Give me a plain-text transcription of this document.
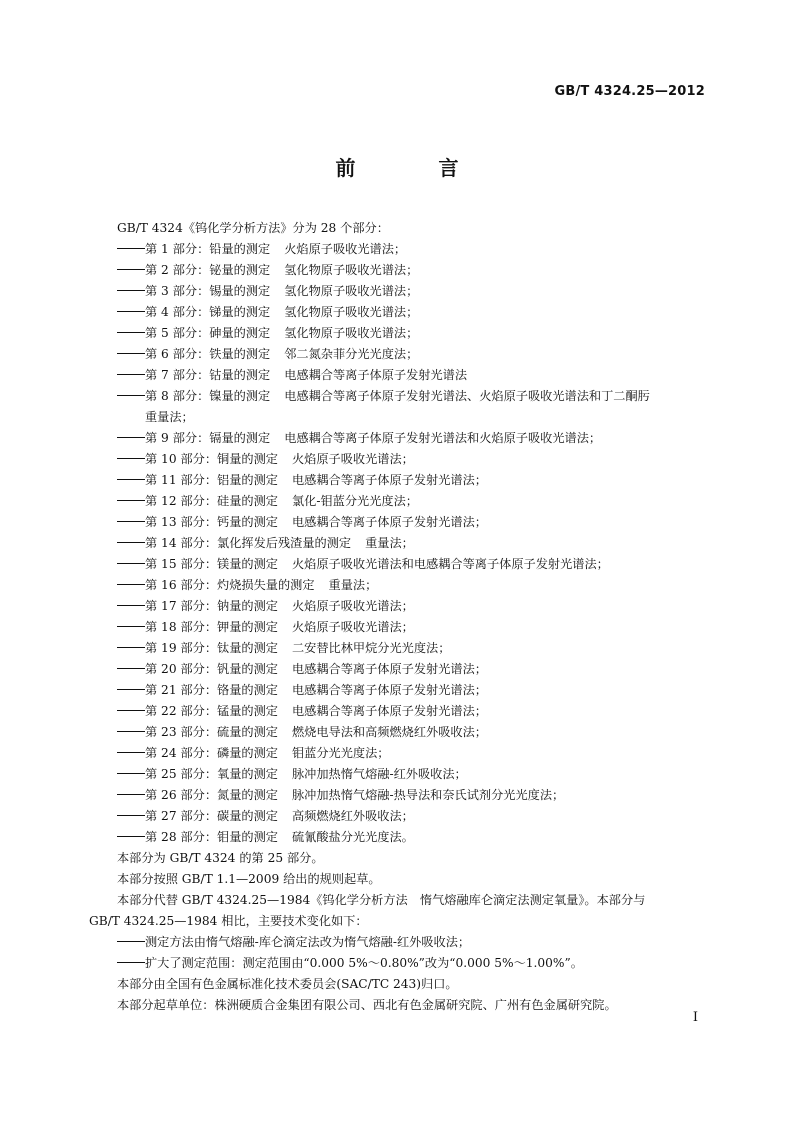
GB/T 4324.25—2012
前 言
GB/T 4324《钨化学分析方法》分为 28 个部分：
第 1 部分：铅量的测定 火焰原子吸收光谱法；
第 2 部分：铋量的测定 氢化物原子吸收光谱法；
第 3 部分：锡量的测定 氢化物原子吸收光谱法；
第 4 部分：锑量的测定 氢化物原子吸收光谱法；
第 5 部分：砷量的测定 氢化物原子吸收光谱法；
第 6 部分：铁量的测定 邻二氮杂菲分光光度法；
第 7 部分：钴量的测定 电感耦合等离子体原子发射光谱法
第 8 部分：镍量的测定 电感耦合等离子体原子发射光谱法、火焰原子吸收光谱法和丁二酮肟
重量法；
第 9 部分：镉量的测定 电感耦合等离子体原子发射光谱法和火焰原子吸收光谱法；
第 10 部分：铜量的测定 火焰原子吸收光谱法；
第 11 部分：铝量的测定 电感耦合等离子体原子发射光谱法；
第 12 部分：硅量的测定 氯化-钼蓝分光光度法；
第 13 部分：钙量的测定 电感耦合等离子体原子发射光谱法；
第 14 部分：氯化挥发后残渣量的测定 重量法；
第 15 部分：镁量的测定 火焰原子吸收光谱法和电感耦合等离子体原子发射光谱法；
第 16 部分：灼烧损失量的测定 重量法；
第 17 部分：钠量的测定 火焰原子吸收光谱法；
第 18 部分：钾量的测定 火焰原子吸收光谱法；
第 19 部分：钛量的测定 二安替比林甲烷分光光度法；
第 20 部分：钒量的测定 电感耦合等离子体原子发射光谱法；
第 21 部分：铬量的测定 电感耦合等离子体原子发射光谱法；
第 22 部分：锰量的测定 电感耦合等离子体原子发射光谱法；
第 23 部分：硫量的测定 燃烧电导法和高频燃烧红外吸收法；
第 24 部分：磷量的测定 钼蓝分光光度法；
第 25 部分：氧量的测定 脉冲加热惰气熔融-红外吸收法；
第 26 部分：氮量的测定 脉冲加热惰气熔融-热导法和奈氏试剂分光光度法；
第 27 部分：碳量的测定 高频燃烧红外吸收法；
第 28 部分：钼量的测定 硫氰酸盐分光光度法。
本部分为 GB/T 4324 的第 25 部分。
本部分按照 GB/T 1.1—2009 给出的规则起草。
本部分代替 GB/T 4324.25—1984《钨化学分析方法　惰气熔融库仑滴定法测定氧量》。本部分与
GB/T 4324.25—1984 相比，主要技术变化如下：
测定方法由惰气熔融-库仑滴定法改为惰气熔融-红外吸收法；
扩大了测定范围：测定范围由“0.000 5%～0.80%”改为“0.000 5%～1.00%”。
本部分由全国有色金属标准化技术委员会(SAC/TC 243)归口。
本部分起草单位：株洲硬质合金集团有限公司、西北有色金属研究院、广州有色金属研究院。
I
